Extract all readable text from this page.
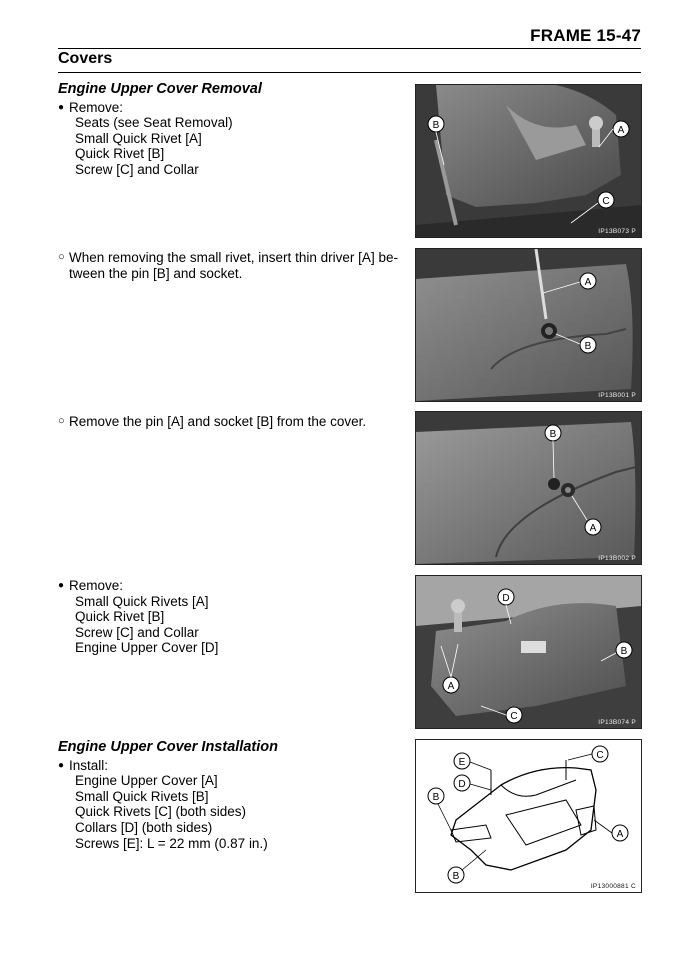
FRAME 15-47
Covers
Engine Upper Cover Removal
● Remove:
Seats (see Seat Removal)
Small Quick Rivet [A]
Quick Rivet [B]
Screw [C] and Collar
○ When removing the small rivet, insert thin driver [A] be- tween the pin [B] and socket.
○ Remove the pin [A] and socket [B] from the cover.
● Remove:
Small Quick Rivets [A]
Quick Rivet [B]
Screw [C] and Collar
Engine Upper Cover [D]
Engine Upper Cover Installation
● Install:
Engine Upper Cover [A]
Small Quick Rivets [B]
Quick Rivets [C] (both sides)
Collars [D] (both sides)
Screws [E]: L = 22 mm (0.87 in.)
B	A
C
IP13B073 P
A
B
IP13B001 P
B
A
IP13B002 P
D
B
A
C
IP13B074 P
C
E
D
B
A
B
IP13000881 C
